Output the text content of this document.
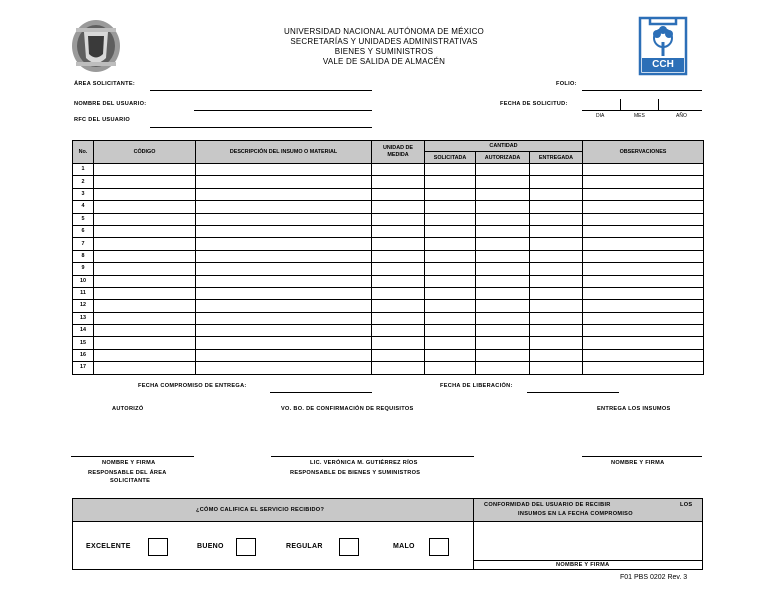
CCH
UNIVERSIDAD NACIONAL AUTÓNOMA DE MÉXICO
SECRETARÍAS Y UNIDADES ADMINISTRATIVAS
BIENES Y SUMINISTROS
VALE DE SALIDA DE ALMACÉN
ÁREA SOLICITANTE:	FOLIO:
NOMBRE DEL USUARIO:	FECHA DE SOLICITUD:
DIA	MES	AÑO
RFC DEL USUARIO
No.	CÓDIGO	DESCRIPCIÓN DEL INSUMO O MATERIAL	UNIDAD DE MEDIDA	CANTIDAD			OBSERVACIONES
				SOLICITADA	AUTORIZADA	ENTREGADA	
1							
2							
3							
4							
5							
6							
7							
8							
9							
10							
11							
12							
13							
14							
15							
16							
17							
FECHA COMPROMISO DE ENTREGA:	FECHA DE LIBERACIÓN:
AUTORIZÓ	VO. BO. DE CONFIRMACIÓN DE REQUISITOS	ENTREGA LOS INSUMOS
NOMBRE Y FIRMA
RESPONSABLE DEL ÁREA
SOLICITANTE
LIC. VERÓNICA M. GUTIÉRREZ RÍOS
RESPONSABLE DE BIENES Y SUMINISTROS
NOMBRE Y FIRMA
¿CÓMO CALIFICA EL SERVICIO RECIBIDO?
CONFORMIDAD DEL USUARIO DE RECIBIR	LOS
INSUMOS EN LA FECHA COMPROMISO
EXCELENTE	BUENO	REGULAR	MALO
NOMBRE Y FIRMA
F01 PBS 0202 Rev. 3
